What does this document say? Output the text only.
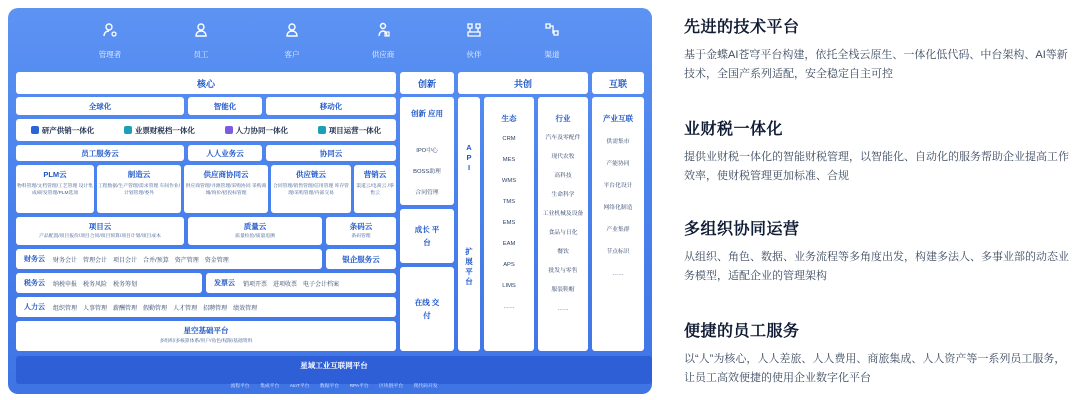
管理者	员工	客户	供应商	伙伴	渠道
核心	创新	共创	互联
全球化	智能化	移动化
研产供销一体化	业票财税档一体化	人力协同一体化	项目运营一体化
员工服务云	人人业务云	协同云
PLM云
物料管理/文档管理/工艺管理 设计集成/研发管理/PLM选项
制造云
工程数据/生产管理/需求管理 车间作业/计划管理/委外
供应商协同云
供应商管理/寻源管理/采购协同 采购商城/询价/招投标管理
供应链云
合同管理/销售管理/信用管理 库存管理/采购管理/内部交易
营销云
渠道云/电商云 /零售云
项目云
产品配置/项目报价/项目合同/项目预算/项目计划/项目成本
质量云
质量检验/质量追溯
条码云
条码管理
财务云 财务会计 管理会计 项目会计 合并/预算 资产管理 资金管理	银企服务云
税务云 纳税申报 税务风险 税务筹划	发票云 销项开票 进项收票 电子会计档案
人力云 组织管理 人事管理 薪酬管理 假勤管理 人才管理 招聘管理 绩效管理
星空基础平台
多组织/多核算体系/用户/角色/权限/基础资料
创新 应用
IPO中心
BOSS助理
合同管理
成长 平台
在线 交付
A P I
扩 展 平 台
生态
CRM
MES
WMS
TMS
EMS
EAM
APS
LIMS
……
行业
汽车及零配件
现代农牧
高科技
生命科学
工业机械及设备
食品与日化
餐饮
批发与零售
服装鞋帽
……
产业互联
供需集市
产能协同
平台化设计
网络化制造
产业集群
节点标识
……
星域工业互联网平台
流程平台 集成平台 AIoT平台 数据平台 RPA平台 区块链平台 现代码开发
先进的技术平台

基于金蝶AI苍穹平台构建，依托全栈云原生、一体化低代码、中台架构、AI等新技术，全国产系列适配，安全稳定自主可控

业财税一体化

提供业财税一体化的智能财税管理，以智能化、自动化的服务帮助企业提高工作效率，使财税管理更加标准、合规

多组织协同运营

从组织、角色、数据、业务流程等多角度出发，构建多法人、多事业部的动态业务模型，适配企业的管理架构

便捷的员工服务

以“人”为核心，人人差旅、人人费用、商旅集成、人人资产等一系列员工服务，让员工高效便捷的使用企业数字化平台
